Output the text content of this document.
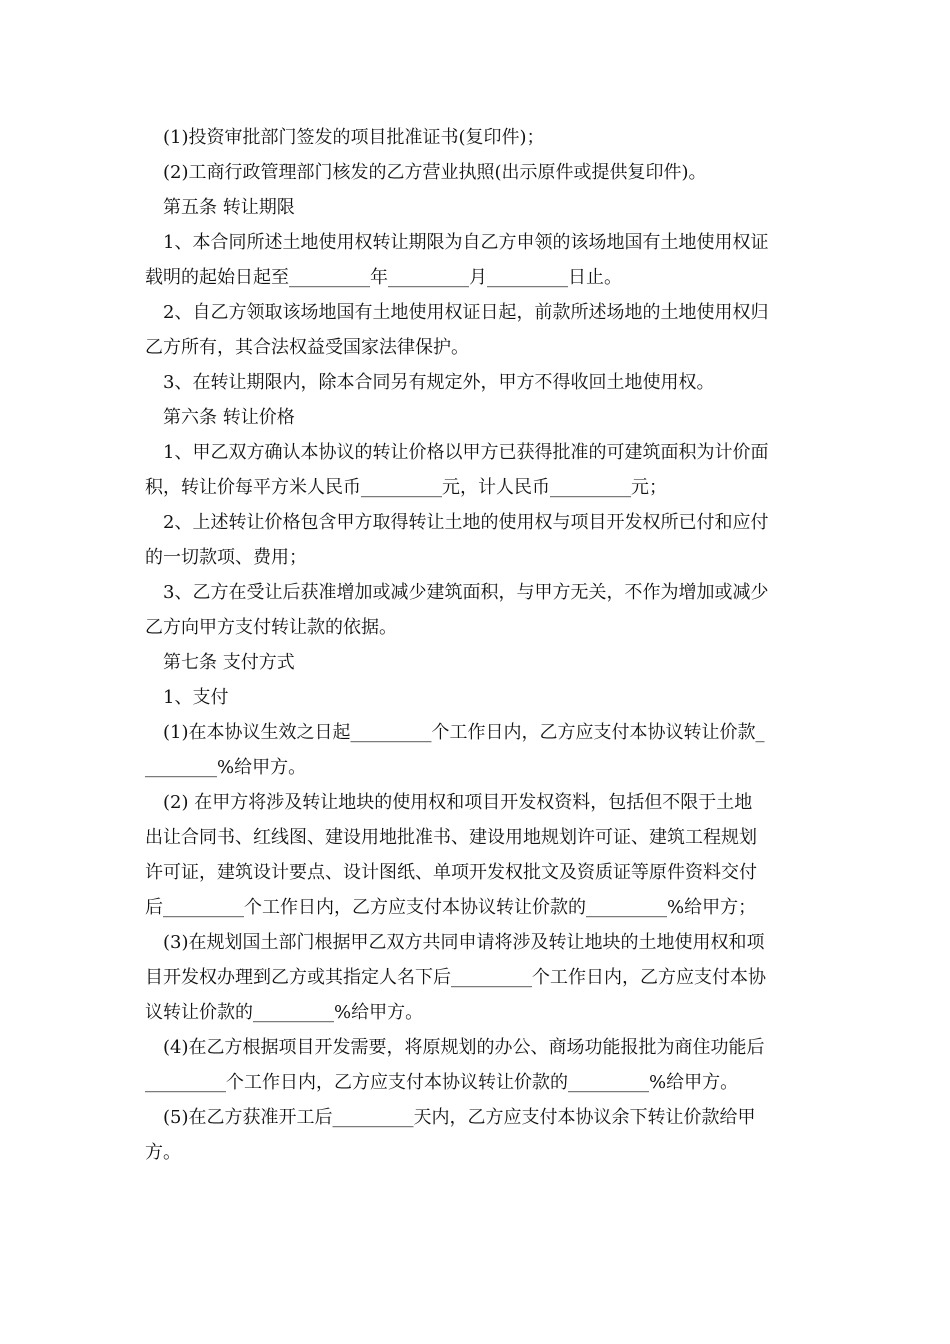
(1)投资审批部门签发的项目批准证书(复印件)；
(2)工商行政管理部门核发的乙方营业执照(出示原件或提供复印件)。
第五条 转让期限
1、本合同所述土地使用权转让期限为自乙方申领的该场地国有土地使用权证
载明的起始日起至_________年_________月_________日止。
2、自乙方领取该场地国有土地使用权证日起，前款所述场地的土地使用权归
乙方所有，其合法权益受国家法律保护。
3、在转让期限内，除本合同另有规定外，甲方不得收回土地使用权。
第六条 转让价格
1、甲乙双方确认本协议的转让价格以甲方已获得批准的可建筑面积为计价面
积，转让价每平方米人民币_________元，计人民币_________元；
2、上述转让价格包含甲方取得转让土地的使用权与项目开发权所已付和应付
的一切款项、费用；
3、乙方在受让后获准增加或减少建筑面积，与甲方无关，不作为增加或减少
乙方向甲方支付转让款的依据。
第七条 支付方式
1、支付
(1)在本协议生效之日起_________个工作日内，乙方应支付本协议转让价款_
________%给甲方。
(2) 在甲方将涉及转让地块的使用权和项目开发权资料，包括但不限于土地
出让合同书、红线图、建设用地批准书、建设用地规划许可证、建筑工程规划
许可证，建筑设计要点、设计图纸、单项开发权批文及资质证等原件资料交付
后_________个工作日内，乙方应支付本协议转让价款的_________%给甲方；
(3)在规划国土部门根据甲乙双方共同申请将涉及转让地块的土地使用权和项
目开发权办理到乙方或其指定人名下后_________个工作日内，乙方应支付本协
议转让价款的_________%给甲方。
(4)在乙方根据项目开发需要，将原规划的办公、商场功能报批为商住功能后
_________个工作日内，乙方应支付本协议转让价款的_________%给甲方。
(5)在乙方获准开工后_________天内，乙方应支付本协议余下转让价款给甲
方。
